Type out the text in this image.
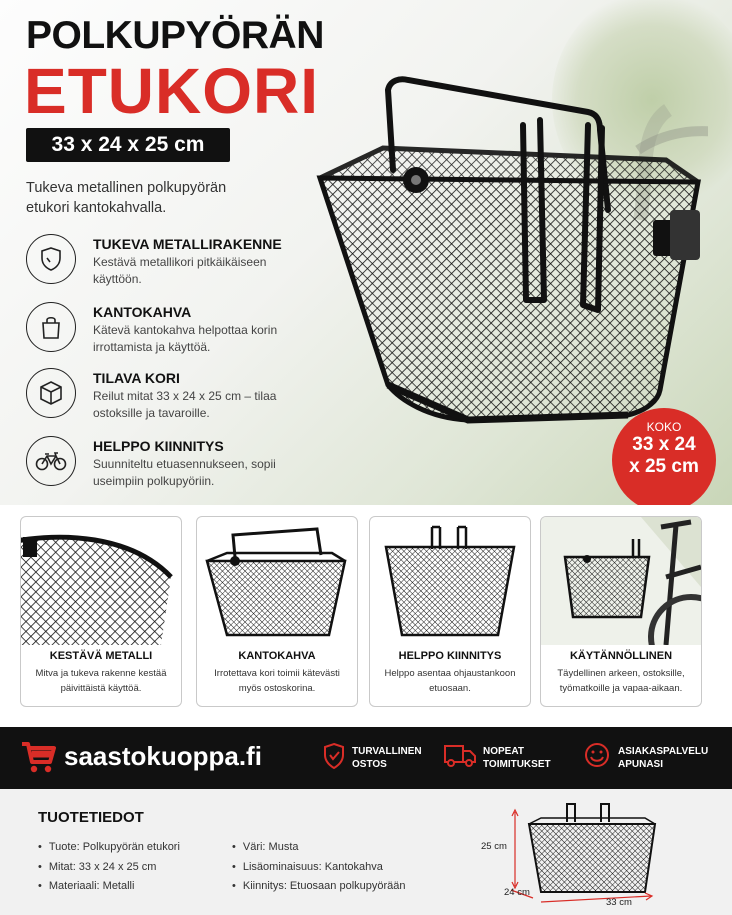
POLKUPYÖRÄN
ETUKORI
33 x 24 x 25 cm
Tukeva metallinen polkupyörän etukori kantokahvalla.
TUKEVA METALLIRAKENNE
Kestävä metallikori pitkäikäiseen käyttöön.
KANTOKAHVA
Kätevä kantokahva helpottaa korin irrottamista ja käyttöä.
TILAVA KORI
Reilut mitat 33 x 24 x 25 cm – tilaa ostoksille ja tavaroille.
HELPPO KIINNITYS
Suunniteltu etuasennukseen, sopii useimpiin polkupyöriin.
KOKO
33 x 24
x 25 cm
KESTÄVÄ METALLI
Mitva ja tukeva rakenne kestää päivittäistä käyttöä.
KANTOKAHVA
Irrotettava kori toimii kätevästi myös ostoskorina.
HELPPO KIINNITYS
Helppo asentaa ohjaustankoon etuosaan.
KÄYTÄNNÖLLINEN
Täydellinen arkeen, ostoksille, työmatkoille ja vapaa-aikaan.
saastokuoppa.fi	TURVALLINEN
OSTOS
NOPEAT
TOIMITUKSET
ASIAKASPALVELU
APUNASI
TUOTETIEDOT
• Tuote: Polkupyörän etukori
• Mitat: 33 x 24 x 25 cm
• Materiaali: Metalli
• Väri: Musta
• Lisäominaisuus: Kantokahva
• Kiinnitys: Etuosaan polkupyörään
25 cm
24 cm
33 cm
